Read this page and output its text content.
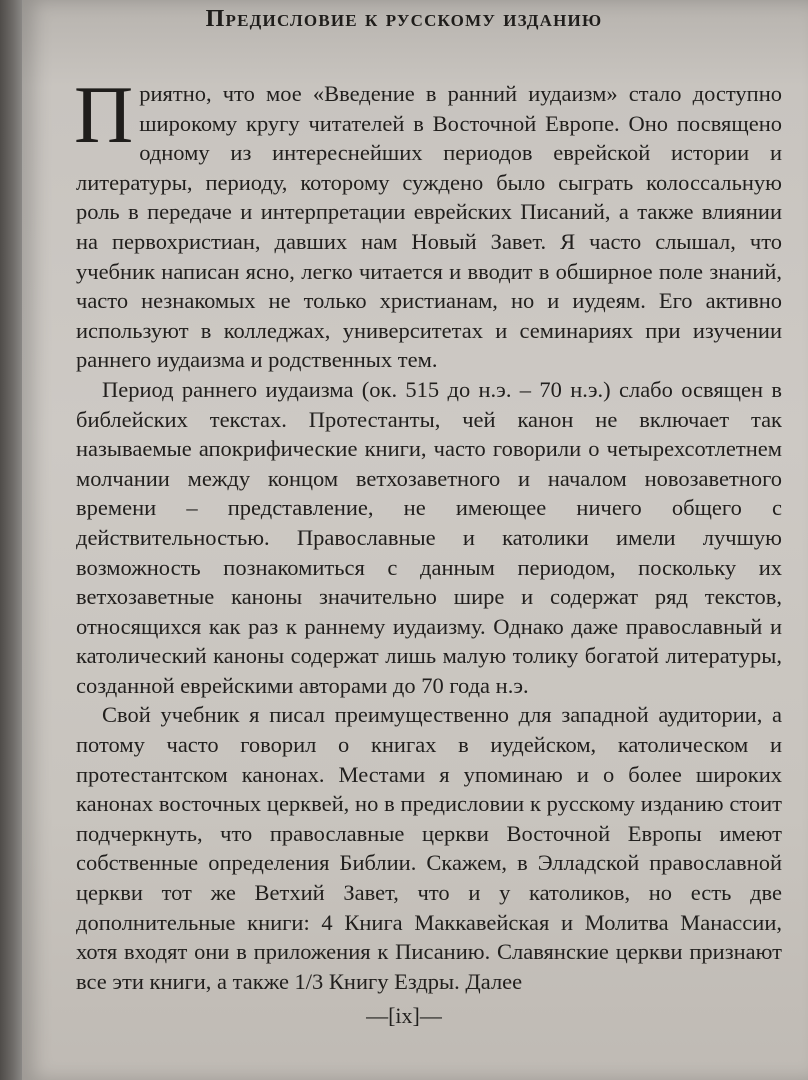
Предисловие к русскому изданию

Приятно, что мое «Введение в ранний иудаизм» стало доступно широкому кругу читателей в Восточной Европе. Оно посвящено одному из интереснейших периодов еврейской истории и литературы, периоду, которому суждено было сыграть колоссальную роль в передаче и интерпретации еврейских Писаний, а также влиянии на первохристиан, давших нам Новый Завет. Я часто слышал, что учебник написан ясно, легко читается и вводит в обширное поле знаний, часто незнакомых не только христианам, но и иудеям. Его активно используют в колледжах, университетах и семинариях при изучении раннего иудаизма и родственных тем.

Период раннего иудаизма (ок. 515 до н.э. – 70 н.э.) слабо освящен в библейских текстах. Протестанты, чей канон не включает так называемые апокрифические книги, часто говорили о четырехсотлетнем молчании между концом ветхозаветного и началом новозаветного времени – представление, не имеющее ничего общего с действительностью. Православные и католики имели лучшую возможность познакомиться с данным периодом, поскольку их ветхозаветные каноны значительно шире и содержат ряд текстов, относящихся как раз к раннему иудаизму. Однако даже православный и католический каноны содержат лишь малую толику богатой литературы, созданной еврейскими авторами до 70 года н.э.

Свой учебник я писал преимущественно для западной аудитории, а потому часто говорил о книгах в иудейском, католическом и протестантском канонах. Местами я упоминаю и о более широких канонах восточных церквей, но в предисловии к русскому изданию стоит подчеркнуть, что православные церкви Восточной Европы имеют собственные определения Библии. Скажем, в Элладской православной церкви тот же Ветхий Завет, что и у католиков, но есть две дополнительные книги: 4 Книга Маккавейская и Молитва Манассии, хотя входят они в приложения к Писанию. Славянские церкви признают все эти книги, а также 1/3 Книгу Ездры. Далее

—[ix]—
